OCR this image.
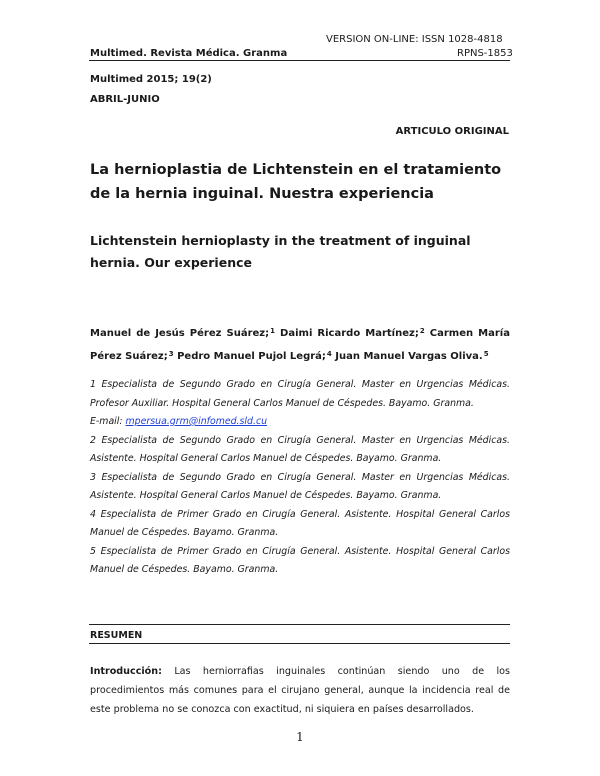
VERSION ON-LINE: ISSN 1028-4818
Multimed. Revista Médica. Granma	RPNS-1853
Multimed 2015; 19(2)
ABRIL-JUNIO
ARTICULO ORIGINAL
La hernioplastia de Lichtenstein en el tratamiento de la hernia inguinal. Nuestra experiencia
Lichtenstein hernioplasty in the treatment of inguinal hernia. Our experience
Manuel de Jesús Pérez Suárez;$^1$ Daimi Ricardo Martínez;$^2$ Carmen María Pérez Suárez;$^3$ Pedro Manuel Pujol Legrá;$^4$ Juan Manuel Vargas Oliva.$^5$
1 Especialista de Segundo Grado en Cirugía General. Master en Urgencias Médicas. Profesor Auxiliar. Hospital General Carlos Manuel de Céspedes. Bayamo. Granma.
E-mail: mpersua.grm@infomed.sld.cu
2 Especialista de Segundo Grado en Cirugía General. Master en Urgencias Médicas. Asistente. Hospital General Carlos Manuel de Céspedes. Bayamo. Granma.
3 Especialista de Segundo Grado en Cirugía General. Master en Urgencias Médicas. Asistente. Hospital General Carlos Manuel de Céspedes. Bayamo. Granma.
4 Especialista de Primer Grado en Cirugía General. Asistente. Hospital General Carlos Manuel de Céspedes. Bayamo. Granma.
5 Especialista de Primer Grado en Cirugía General. Asistente. Hospital General Carlos Manuel de Céspedes. Bayamo. Granma.
RESUMEN
Introducción: Las herniorrafias inguinales continúan siendo uno de los procedimientos más comunes para el cirujano general, aunque la incidencia real de este problema no se conozca con exactitud, ni siquiera en países desarrollados.
1
